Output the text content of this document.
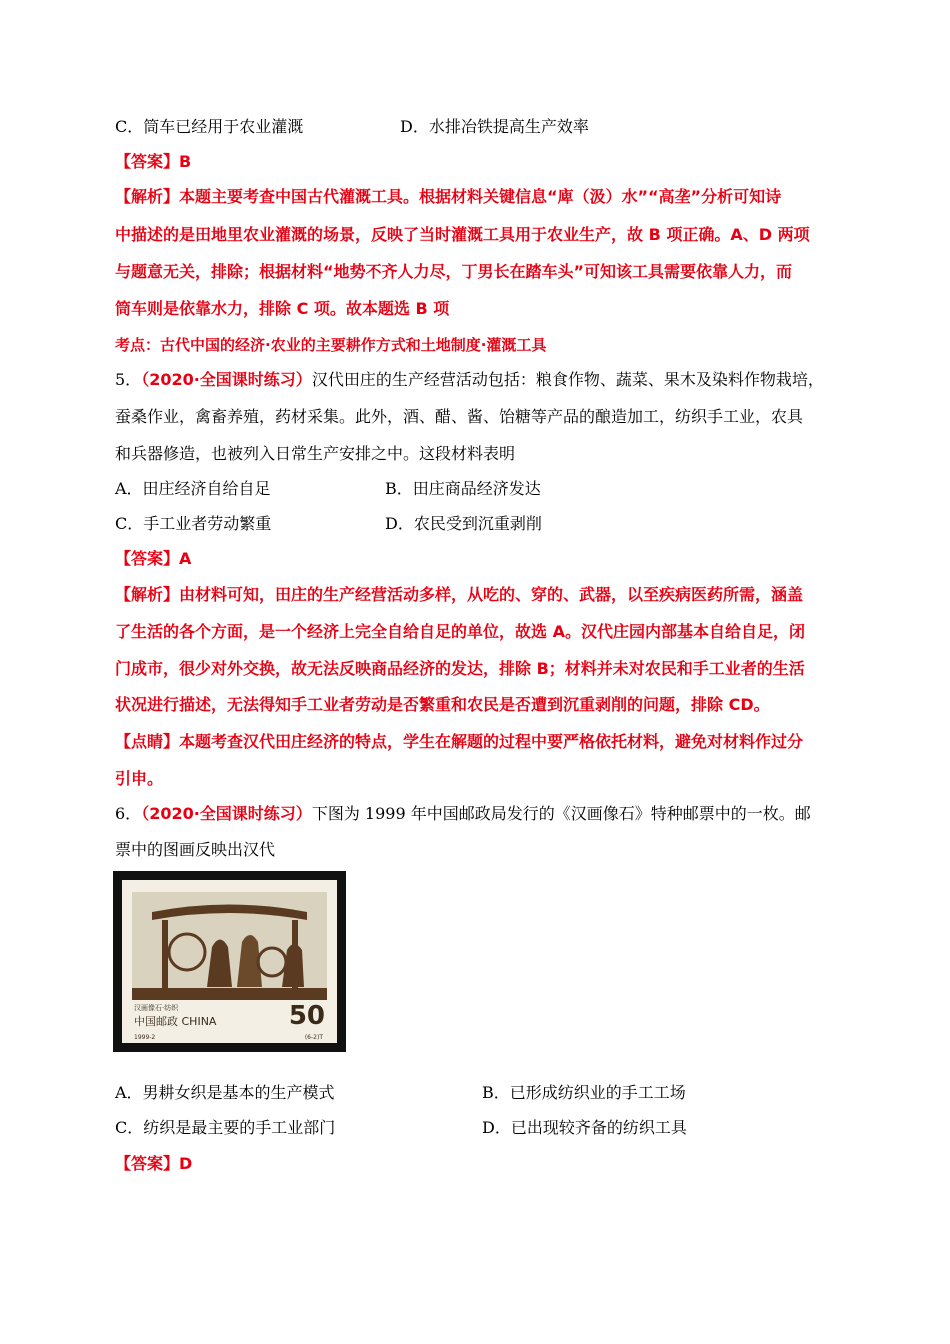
C．筒车已经用于农业灌溉	D．水排冶铁提高生产效率
【答案】B
【解析】本题主要考查中国古代灌溉工具。根据材料关键信息“庳（汲）水”“高垄”分析可知诗
中描述的是田地里农业灌溉的场景，反映了当时灌溉工具用于农业生产，故 B 项正确。A、D 两项
与题意无关，排除；根据材料“地势不齐人力尽，丁男长在踏车头”可知该工具需要依靠人力，而
筒车则是依靠水力，排除 C 项。故本题选 B 项
考点：古代中国的经济·农业的主要耕作方式和土地制度·灌溉工具
5．（2020·全国课时练习）汉代田庄的生产经营活动包括：粮食作物、蔬菜、果木及染料作物栽培，
蚕桑作业，禽畜养殖，药材采集。此外，酒、醋、酱、饴糖等产品的酿造加工，纺织手工业，农具
和兵器修造，也被列入日常生产安排之中。这段材料表明
A．田庄经济自给自足	B．田庄商品经济发达
C．手工业者劳动繁重	D．农民受到沉重剥削
【答案】A
【解析】由材料可知，田庄的生产经营活动多样，从吃的、穿的、武器，以至疾病医药所需，涵盖
了生活的各个方面，是一个经济上完全自给自足的单位，故选 A。汉代庄园内部基本自给自足，闭
门成市，很少对外交换，故无法反映商品经济的发达，排除 B；材料并未对农民和手工业者的生活
状况进行描述，无法得知手工业者劳动是否繁重和农民是否遭到沉重剥削的问题，排除 CD。
【点睛】本题考查汉代田庄经济的特点，学生在解题的过程中要严格依托材料，避免对材料作过分
引申。
6．（2020·全国课时练习）下图为 1999 年中国邮政局发行的《汉画像石》特种邮票中的一枚。邮
票中的图画反映出汉代
汉画像石·纺织
中国邮政 CHINA	50
1999-2	(6-2)T
A．男耕女织是基本的生产模式	B．已形成纺织业的手工工场
C．纺织是最主要的手工业部门	D．已出现较齐备的纺织工具
【答案】D
